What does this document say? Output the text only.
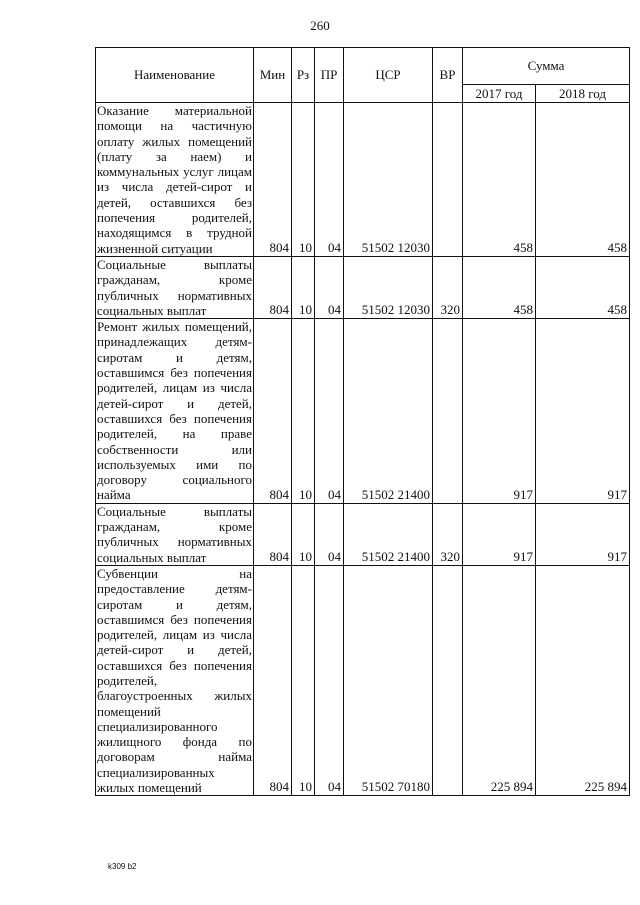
260
Наименование	Мин	Рз	ПР	ЦСР	ВР	Сумма	
						2017 год	2018 год
Оказание материальной помощи на частичную оплату жилых помещений (плату за наем) и коммунальных услуг лицам из числа детей-сирот и детей, оставшихся без попечения родителей, находящимся в трудной жизненной ситуации	804	10	04	51502 12030		458	458
Социальные выплаты гражданам, кроме публичных нормативных социальных выплат	804	10	04	51502 12030	320	458	458
Ремонт жилых помещений, принадлежащих детям-сиротам и детям, оставшимся без попечения родителей, лицам из числа детей-сирот и детей, оставшихся без попечения родителей, на праве собственности или используемых ими по договору социального найма	804	10	04	51502 21400		917	917
Социальные выплаты гражданам, кроме публичных нормативных социальных выплат	804	10	04	51502 21400	320	917	917
Субвенции на предоставление детям-сиротам и детям, оставшимся без попечения родителей, лицам из числа детей-сирот и детей, оставшихся без попечения родителей, благоустроенных жилых помещений специализированного жилищного фонда по договорам найма специализированных жилых помещений	804	10	04	51502 70180		225 894	225 894
k309 b2
